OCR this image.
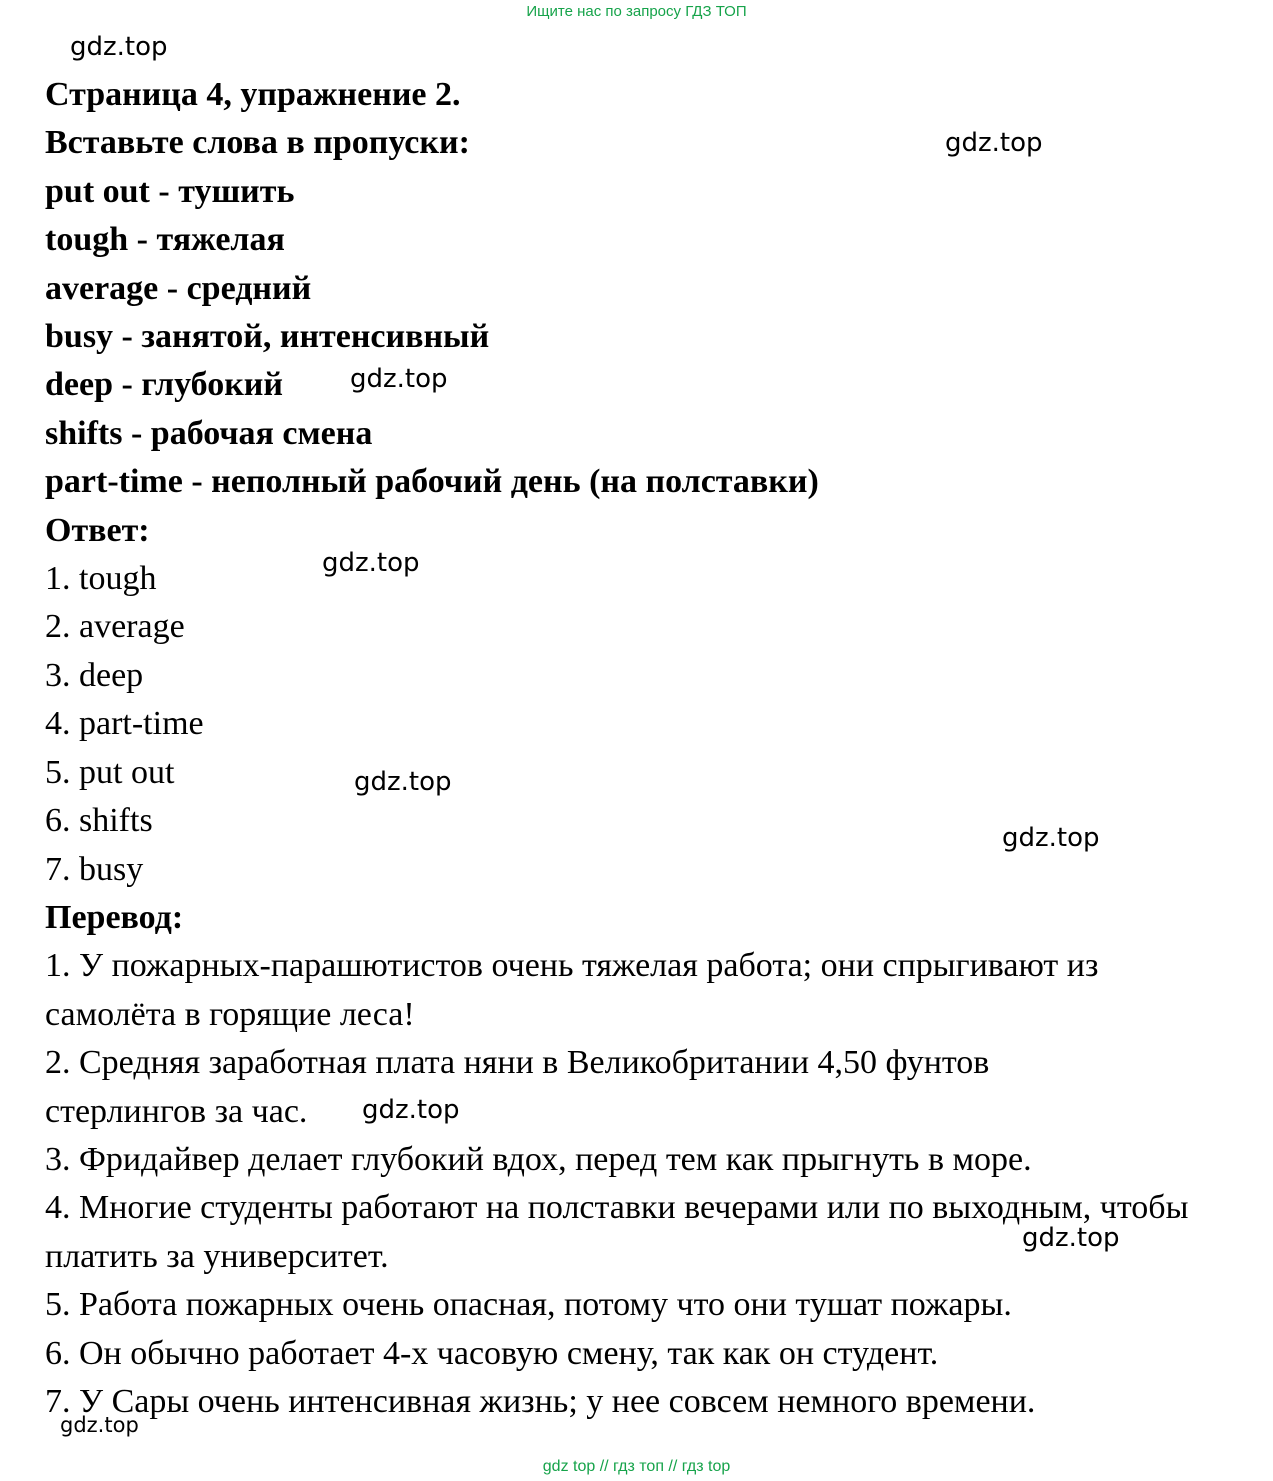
Ищите нас по запросу ГДЗ ТОП

Страница 4, упражнение 2.

Вставьте слова в пропуски:

put out - тушить

tough - тяжелая

average - средний

busy - занятой, интенсивный

deep - глубокий

shifts - рабочая смена

part-time - неполный рабочий день (на полставки)

Ответ:

1. tough

2. average

3. deep

4. part-time

5. put out

6. shifts

7. busy

Перевод:

1. У пожарных-парашютистов очень тяжелая работа; они спрыгивают из самолёта в горящие леса!

2. Средняя заработная плата няни в Великобритании 4,50 фунтов стерлингов за час.

3. Фридайвер делает глубокий вдох, перед тем как прыгнуть в море.

4. Многие студенты работают на полставки вечерами или по выходным, чтобы платить за университет.

5. Работа пожарных очень опасная, потому что они тушат пожары.

6. Он обычно работает 4-х часовую смену, так как он студент.

7. У Сары очень интенсивная жизнь; у нее совсем немного времени.

gdz.top
gdz.top
gdz.top
gdz.top
gdz.top
gdz.top
gdz.top
gdz.top
gdz.top
gdz top // гдз топ // гдз top
